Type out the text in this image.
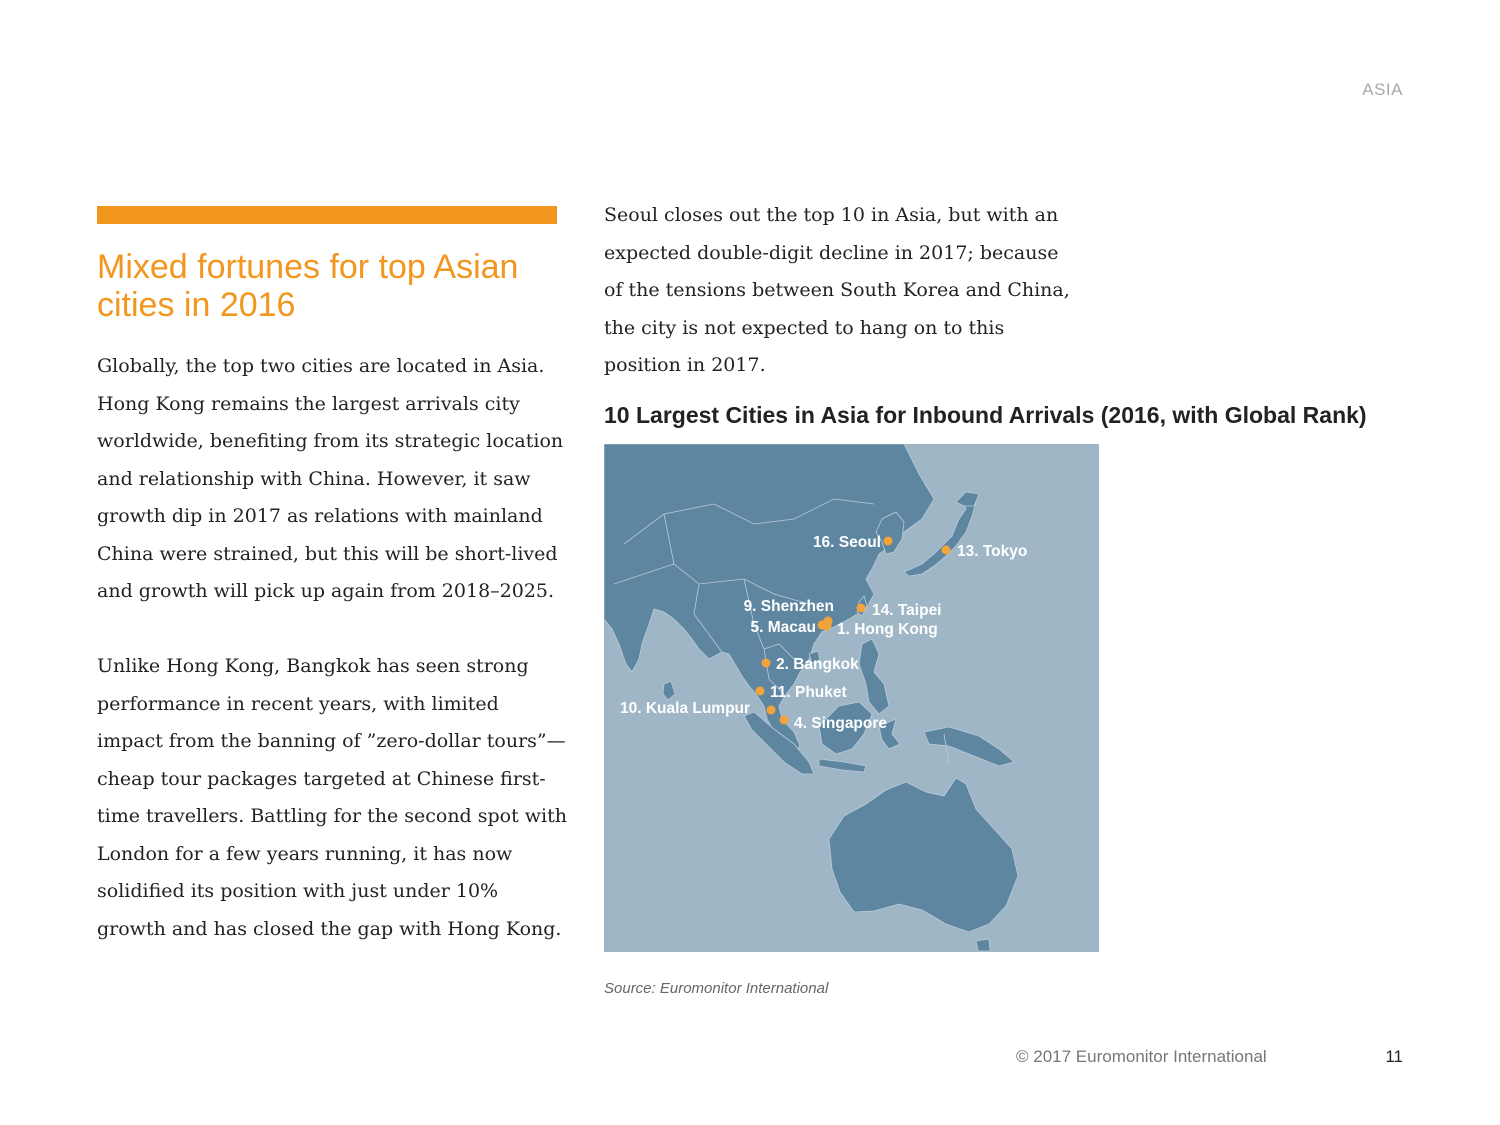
ASIA
Mixed fortunes for top Asian cities in 2016

Globally, the top two cities are located in Asia. Hong Kong remains the largest arrivals city worldwide, benefiting from its strategic location and relationship with China. However, it saw growth dip in 2017 as relations with mainland China were strained, but this will be short-lived and growth will pick up again from 2018–2025.

Unlike Hong Kong, Bangkok has seen strong performance in recent years, with limited impact from the banning of ”zero-dollar tours”—cheap tour packages targeted at Chinese first-time travellers. Battling for the second spot with London for a few years running, it has now solidified its position with just under 10% growth and has closed the gap with Hong Kong.

Seoul closes out the top 10 in Asia, but with an expected double-digit decline in 2017; because of the tensions between South Korea and China, the city is not expected to hang on to this position in 2017.

10 Largest Cities in Asia for Inbound Arrivals (2016, with Global Rank)
1. Hong Kong
2. Bangkok
4. Singapore
5. Macau
9. Shenzhen
10. Kuala Lumpur
11. Phuket
13. Tokyo
14. Taipei
16. Seoul

Source: Euromonitor International

© 2017 Euromonitor International	11
